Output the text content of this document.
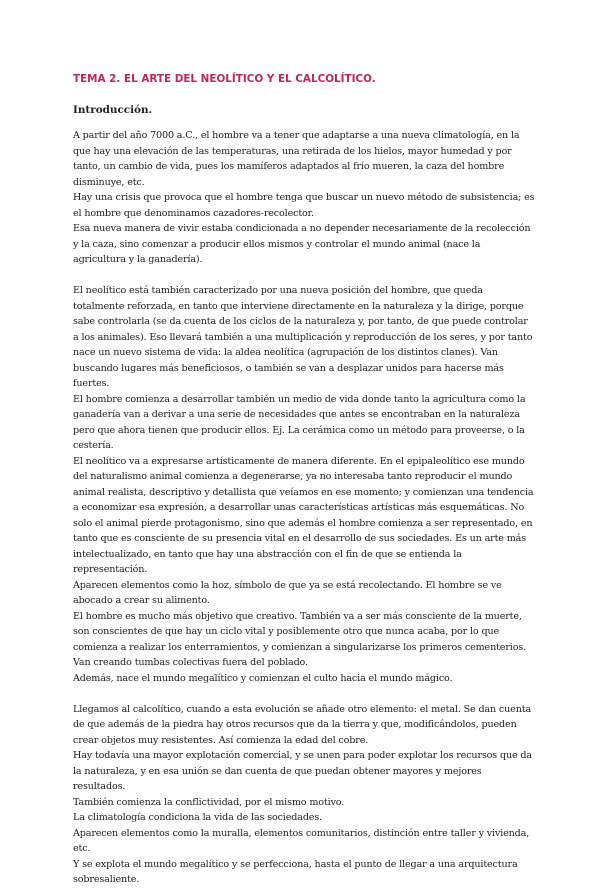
TEMA 2. EL ARTE DEL NEOLÍTICO Y EL CALCOLÍTICO.
Introducción.

A partir del año 7000 a.C., el hombre va a tener que adaptarse a una nueva climatología, en la que hay una elevación de las temperaturas, una retirada de los hielos, mayor humedad y por tanto, un cambio de vida, pues los mamíferos adaptados al frío mueren, la caza del hombre disminuye, etc.

Hay una crisis que provoca que el hombre tenga que buscar un nuevo método de subsistencia; es el hombre que denominamos cazadores-recolector.

Esa nueva manera de vivir estaba condicionada a no depender necesariamente de la recolección y la caza, sino comenzar a producir ellos mismos y controlar el mundo animal (nace la agricultura y la ganadería).

El neolítico está también caracterizado por una nueva posición del hombre, que queda totalmente reforzada, en tanto que interviene directamente en la naturaleza y la dirige, porque sabe controlarla (se da cuenta de los ciclos de la naturaleza y, por tanto, de que puede controlar a los animales). Eso llevará también a una multiplicación y reproducción de los seres, y por tanto nace un nuevo sistema de vida: la aldea neolítica (agrupación de los distintos clanes). Van buscando lugares más beneficiosos, o también se van a desplazar unidos para hacerse más fuertes.

El hombre comienza a desarrollar también un medio de vida donde tanto la agricultura como la ganadería van a derivar a una serie de necesidades que antes se encontraban en la naturaleza pero que ahora tienen que producir ellos. Ej. La cerámica como un método para proveerse, o la cestería.

El neolítico va a expresarse artísticamente de manera diferente. En el epipaleolítico ese mundo del naturalismo animal comienza a degenerarse, ya no interesaba tanto reproducir el mundo animal realista, descriptivo y detallista que veíamos en ese momento; y comienzan una tendencia a economizar esa expresión, a desarrollar unas características artísticas más esquemáticas. No solo el animal pierde protagonismo, sino que además el hombre comienza a ser representado, en tanto que es consciente de su presencia vital en el desarrollo de sus sociedades. Es un arte más intelectualizado, en tanto que hay una abstracción con el fin de que se entienda la representación.

Aparecen elementos como la hoz, símbolo de que ya se está recolectando. El hombre se ve abocado a crear su alimento.

El hombre es mucho más objetivo que creativo. También va a ser más consciente de la muerte, son conscientes de que hay un ciclo vital y posiblemente otro que nunca acaba, por lo que comienza a realizar los enterramientos, y comienzan a singularizarse los primeros cementerios. Van creando tumbas colectivas fuera del poblado.

Además, nace el mundo megalítico y comienzan el culto hacia el mundo mágico.

Llegamos al calcolítico, cuando a esta evolución se añade otro elemento: el metal. Se dan cuenta de que además de la piedra hay otros recursos que da la tierra y que, modificándolos, pueden crear objetos muy resistentes. Así comienza la edad del cobre.

Hay todavía una mayor explotación comercial, y se unen para poder explotar los recursos que da la naturaleza, y en esa unión se dan cuenta de que puedan obtener mayores y mejores resultados.

También comienza la conflictividad, por el mismo motivo.

La climatología condiciona la vida de las sociedades.

Aparecen elementos como la muralla, elementos comunitarios, distinción entre taller y vivienda, etc.

Y se explota el mundo megalítico y se perfecciona, hasta el punto de llegar a una arquitectura sobresaliente.
